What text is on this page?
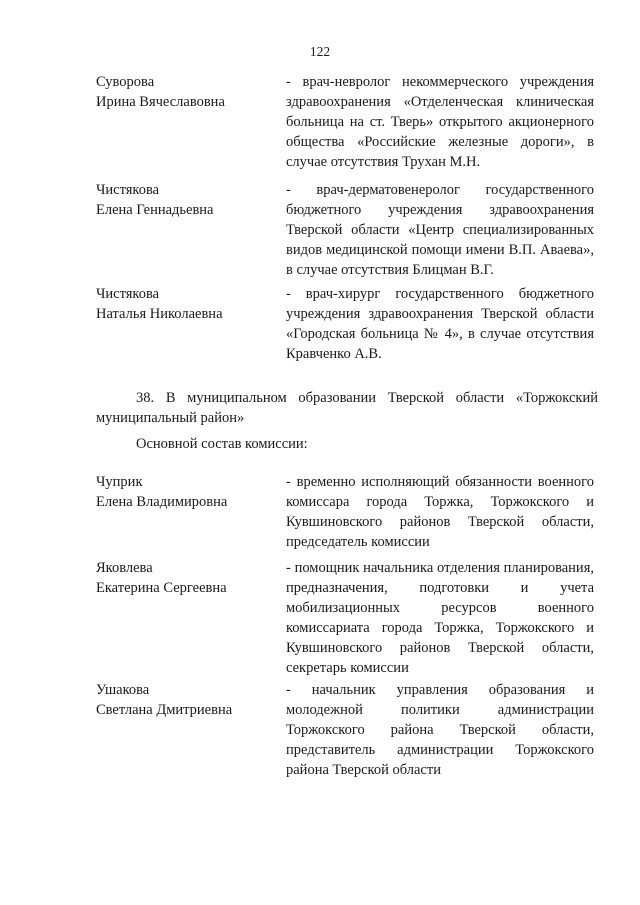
122
Суворова
Ирина Вячеславовна
- врач-невролог некоммерческого учреждения здравоохранения «Отделенческая клиническая больница на ст. Тверь» открытого акционерного общества «Российские железные дороги», в случае отсутствия Трухан М.Н.
Чистякова
Елена Геннадьевна
- врач-дерматовенеролог государственного бюджетного учреждения здравоохранения Тверской области «Центр специализированных видов медицинской помощи имени В.П. Аваева», в случае отсутствия Блицман В.Г.
Чистякова
Наталья Николаевна
- врач-хирург государственного бюджетного учреждения здравоохранения Тверской области «Городская больница № 4», в случае отсутствия Кравченко А.В.
38. В муниципальном образовании Тверской области «Торжокский муниципальный район»
Основной состав комиссии:
Чуприк
Елена Владимировна
- временно исполняющий обязанности военного комиссара города Торжка, Торжокского и Кувшиновского районов Тверской области, председатель комиссии
Яковлева
Екатерина Сергеевна
- помощник начальника отделения планирования, предназначения, подготовки и учета мобилизационных ресурсов военного комиссариата города Торжка, Торжокского и Кувшиновского районов Тверской области, секретарь комиссии
Ушакова
Светлана Дмитриевна
- начальник управления образования и молодежной политики администрации Торжокского района Тверской области, представитель администрации Торжокского района Тверской области
